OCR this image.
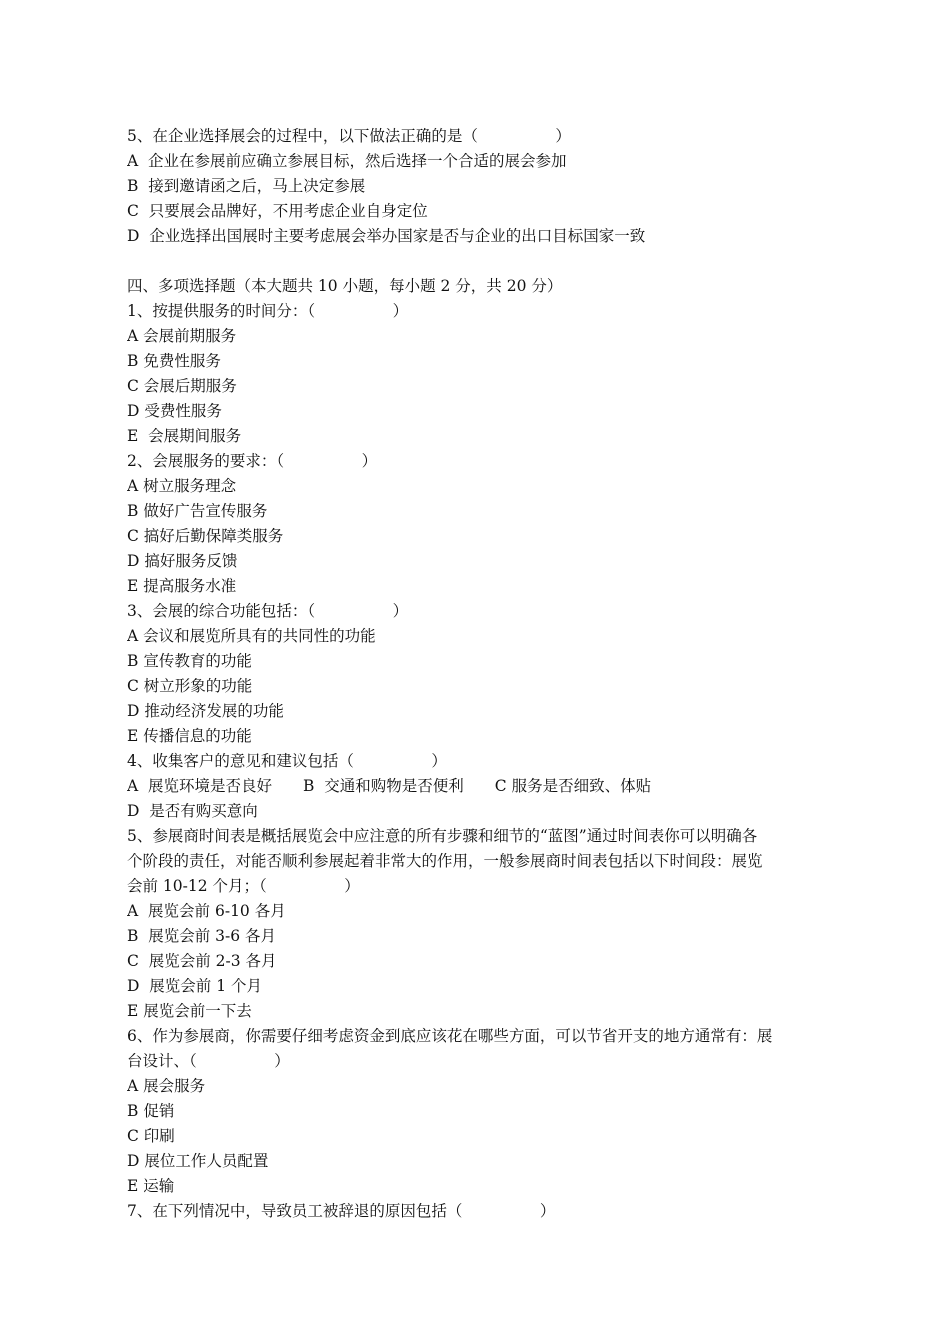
5、在企业选择展会的过程中，以下做法正确的是（　　　　　）
A  企业在参展前应确立参展目标，然后选择一个合适的展会参加
B  接到邀请函之后，马上决定参展
C  只要展会品牌好，不用考虑企业自身定位
D  企业选择出国展时主要考虑展会举办国家是否与企业的出口目标国家一致
四、多项选择题（本大题共 10 小题，每小题 2 分，共 20 分）
1、按提供服务的时间分：（　　　　　）
A 会展前期服务
B 免费性服务
C 会展后期服务
D 受费性服务
E  会展期间服务
2、会展服务的要求：（　　　　　）
A 树立服务理念
B 做好广告宣传服务
C 搞好后勤保障类服务
D 搞好服务反馈
E 提高服务水准
3、会展的综合功能包括：（　　　　　）
A 会议和展览所具有的共同性的功能
B 宣传教育的功能
C 树立形象的功能
D 推动经济发展的功能
E 传播信息的功能
4、收集客户的意见和建议包括（　　　　　）
A  展览环境是否良好　　B  交通和购物是否便利　　C 服务是否细致、体贴
D  是否有购买意向
5、参展商时间表是概括展览会中应注意的所有步骤和细节的“蓝图”通过时间表你可以明确各
个阶段的责任，对能否顺利参展起着非常大的作用，一般参展商时间表包括以下时间段：展览
会前 10-12 个月；（　　　　　）
A  展览会前 6-10 各月
B  展览会前 3-6 各月
C  展览会前 2-3 各月
D  展览会前 1 个月
E 展览会前一下去
6、作为参展商，你需要仔细考虑资金到底应该花在哪些方面，可以节省开支的地方通常有：展
台设计、（　　　　　）
A 展会服务
B 促销
C 印刷
D 展位工作人员配置
E 运输
7、在下列情况中，导致员工被辞退的原因包括（　　　　　）
